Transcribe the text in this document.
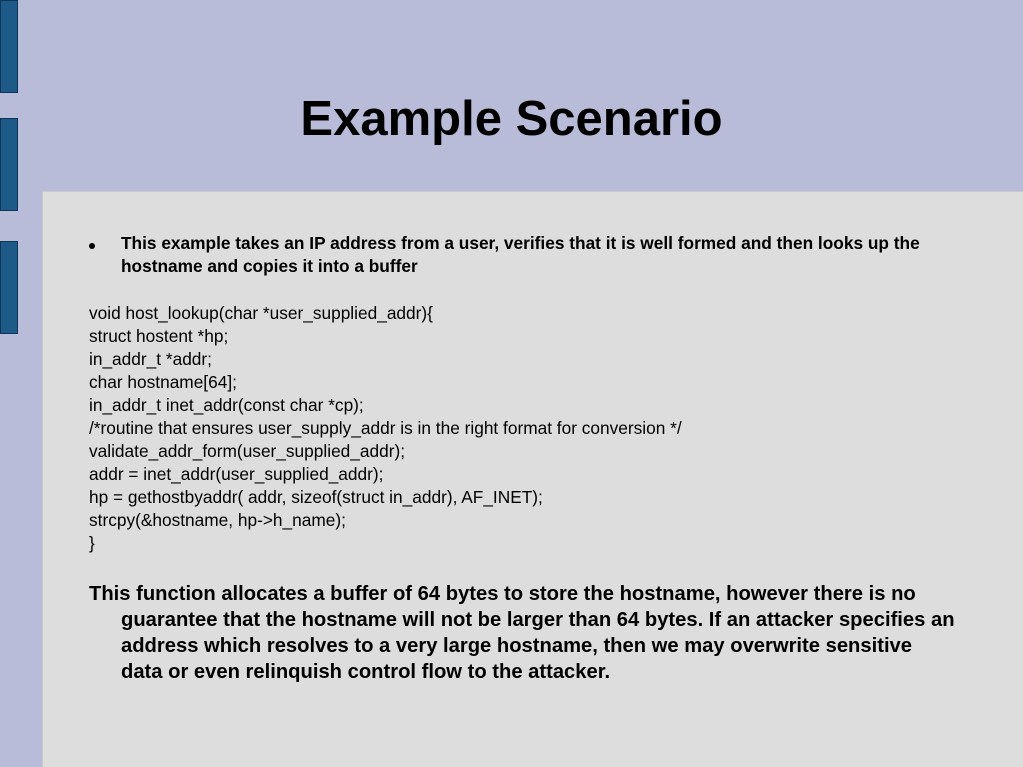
Example Scenario
This example takes an IP address from a user, verifies that it is well formed and then looks up the hostname and copies it into a buffer
void host_lookup(char *user_supplied_addr){
struct hostent *hp;
in_addr_t *addr;
char hostname[64];
in_addr_t inet_addr(const char *cp);
/*routine that ensures user_supply_addr is in the right format for conversion */
validate_addr_form(user_supplied_addr);
addr = inet_addr(user_supplied_addr);
hp = gethostbyaddr( addr, sizeof(struct in_addr), AF_INET);
strcpy(&hostname, hp->h_name);
}
This function allocates a buffer of 64 bytes to store the hostname, however there is no guarantee that the hostname will not be larger than 64 bytes. If an attacker specifies an address which resolves to a very large hostname, then we may overwrite sensitive data or even relinquish control flow to the attacker.
